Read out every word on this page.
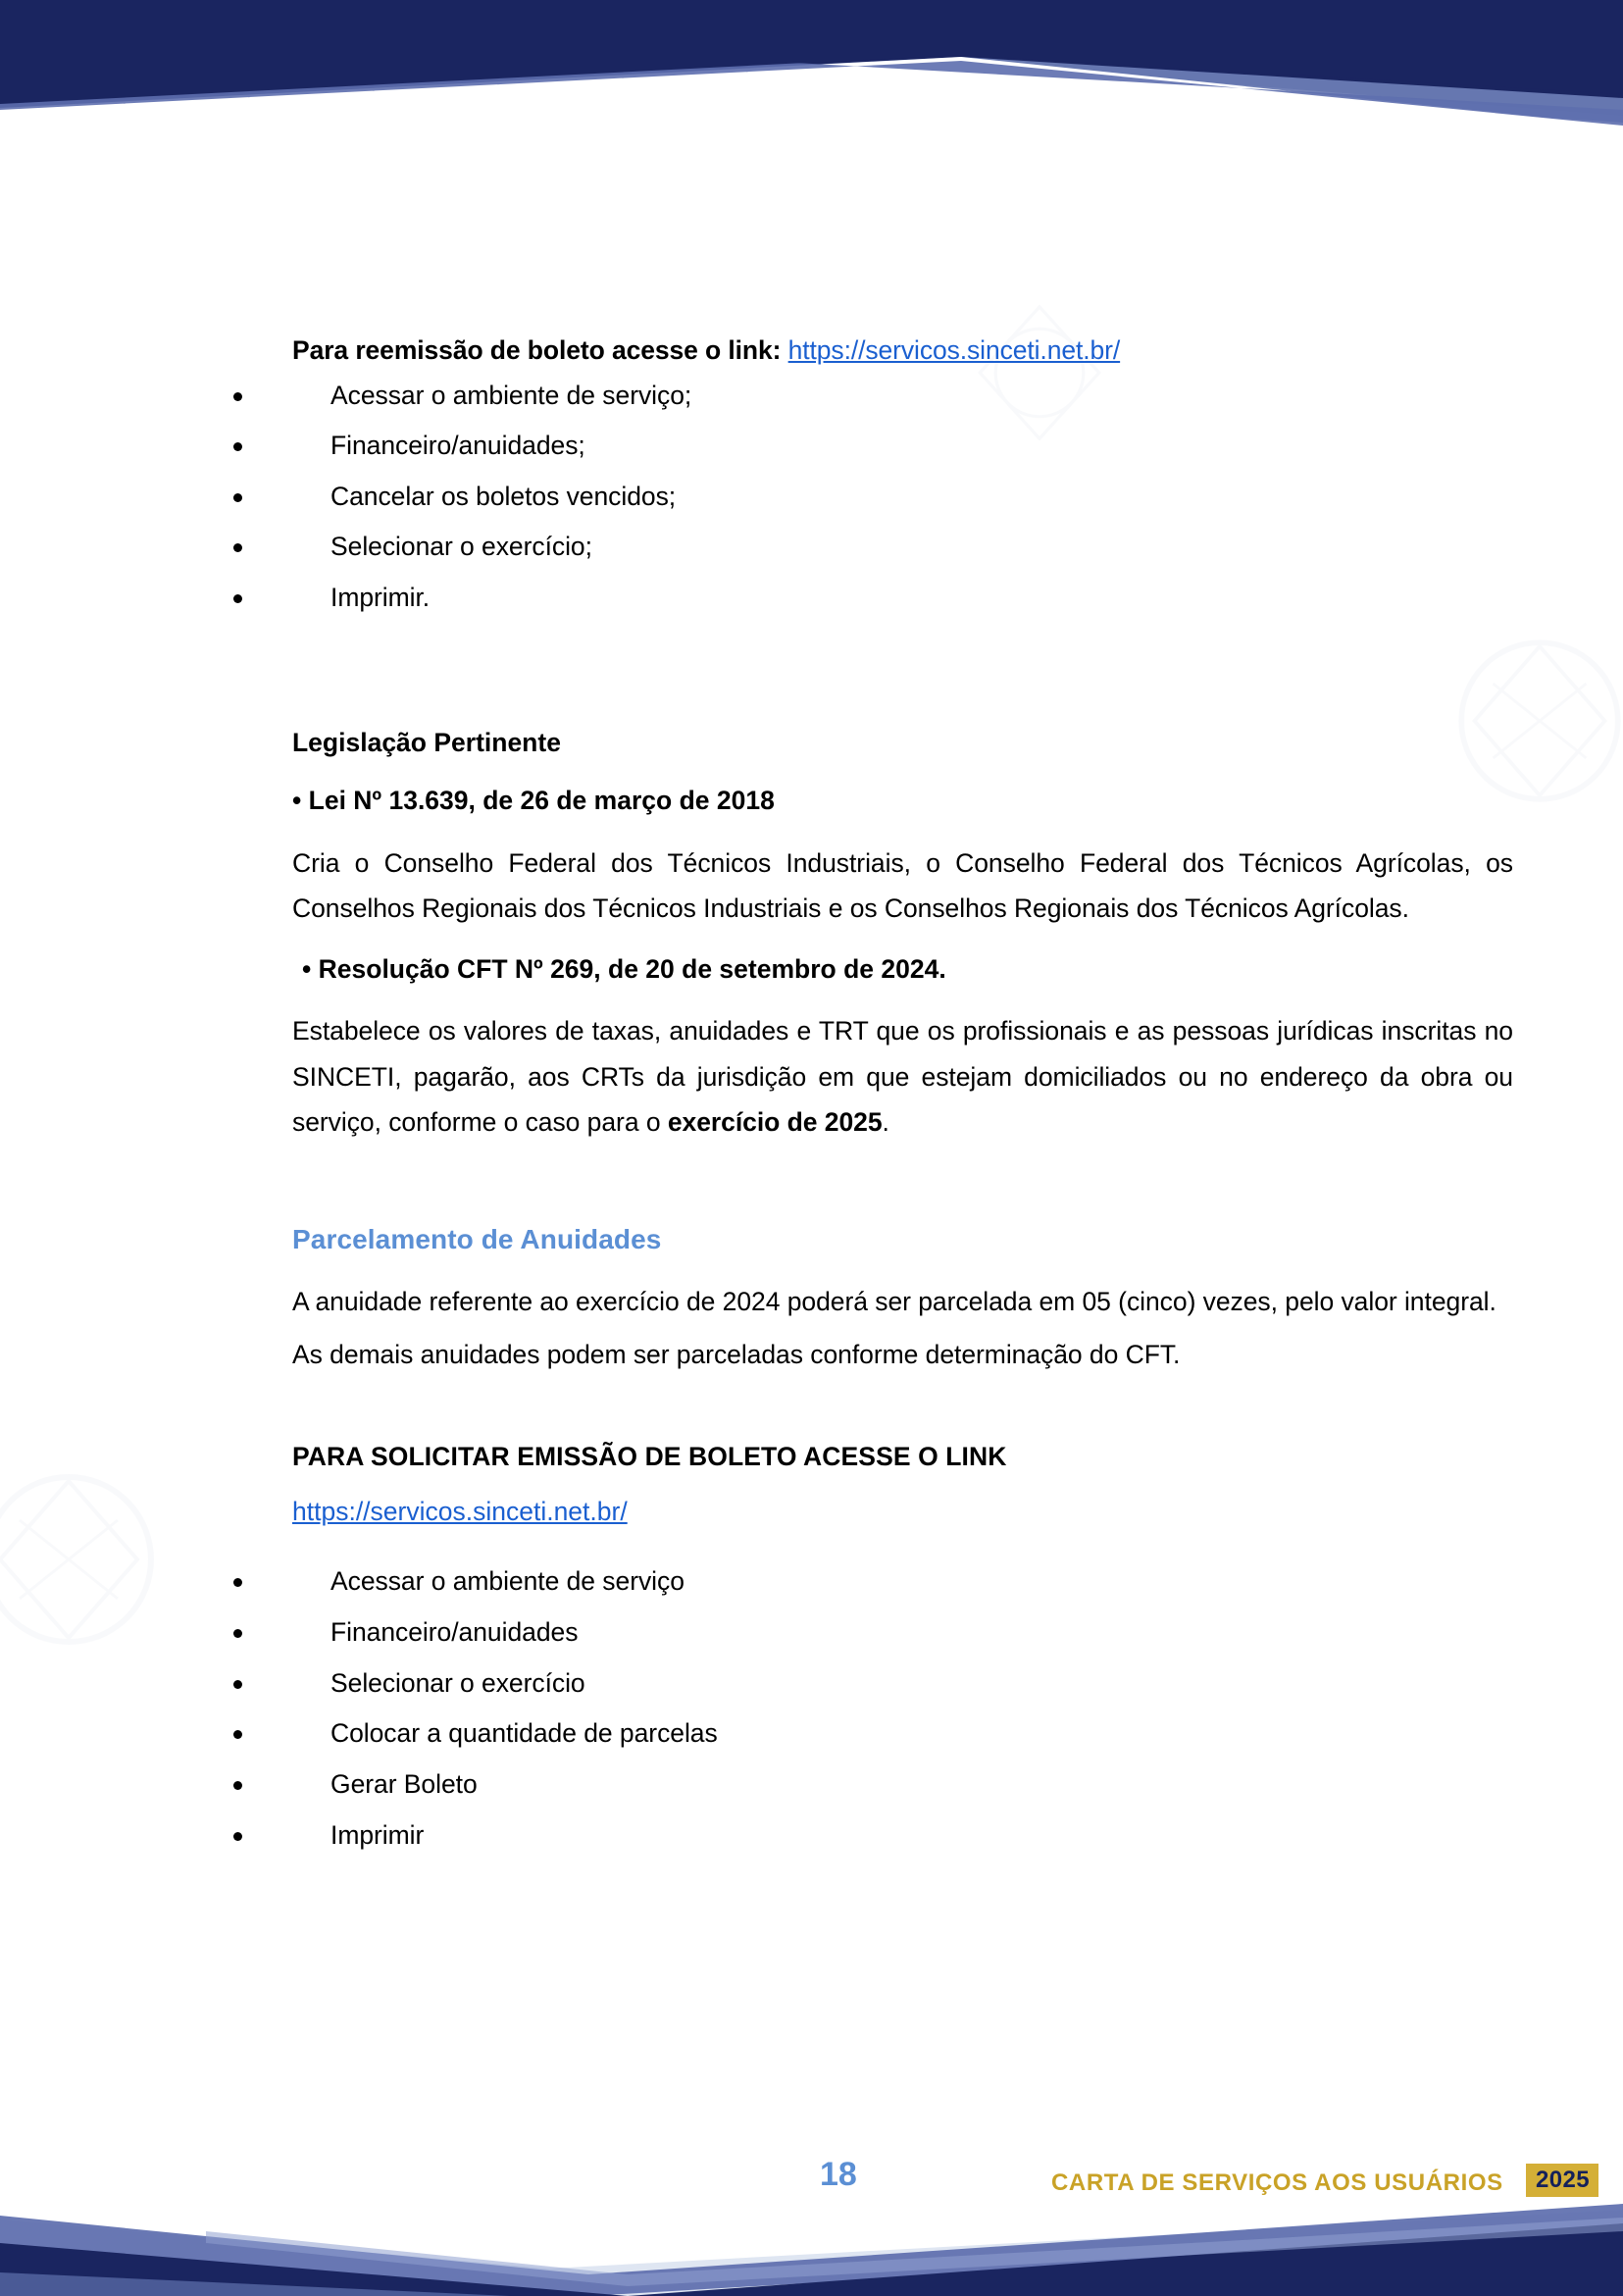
Para reemissão de boleto acesse o link: https://servicos.sinceti.net.br/

Acessar o ambiente de serviço;
Financeiro/anuidades;
Cancelar os boletos vencidos;
Selecionar o exercício;
Imprimir.
Legislação Pertinente

• Lei Nº 13.639, de 26 de março de 2018

Cria o Conselho Federal dos Técnicos Industriais, o Conselho Federal dos Técnicos Agrícolas, os Conselhos Regionais dos Técnicos Industriais e os Conselhos Regionais dos Técnicos Agrícolas.

• Resolução CFT Nº 269, de 20 de setembro de 2024.

Estabelece os valores de taxas, anuidades e TRT que os profissionais e as pessoas jurídicas inscritas no SINCETI, pagarão, aos CRTs da jurisdição em que estejam domiciliados ou no endereço da obra ou serviço, conforme o caso para o exercício de 2025.

Parcelamento de Anuidades

A anuidade referente ao exercício de 2024 poderá ser parcelada em 05 (cinco) vezes, pelo valor integral.

As demais anuidades podem ser parceladas conforme determinação do CFT.

PARA SOLICITAR EMISSÃO DE BOLETO ACESSE O LINK

https://servicos.sinceti.net.br/
Acessar o ambiente de serviço
Financeiro/anuidades
Selecionar o exercício
Colocar a quantidade de parcelas
Gerar Boleto
Imprimir
18	CARTA DE SERVIÇOS AOS USUÁRIOS	2025
